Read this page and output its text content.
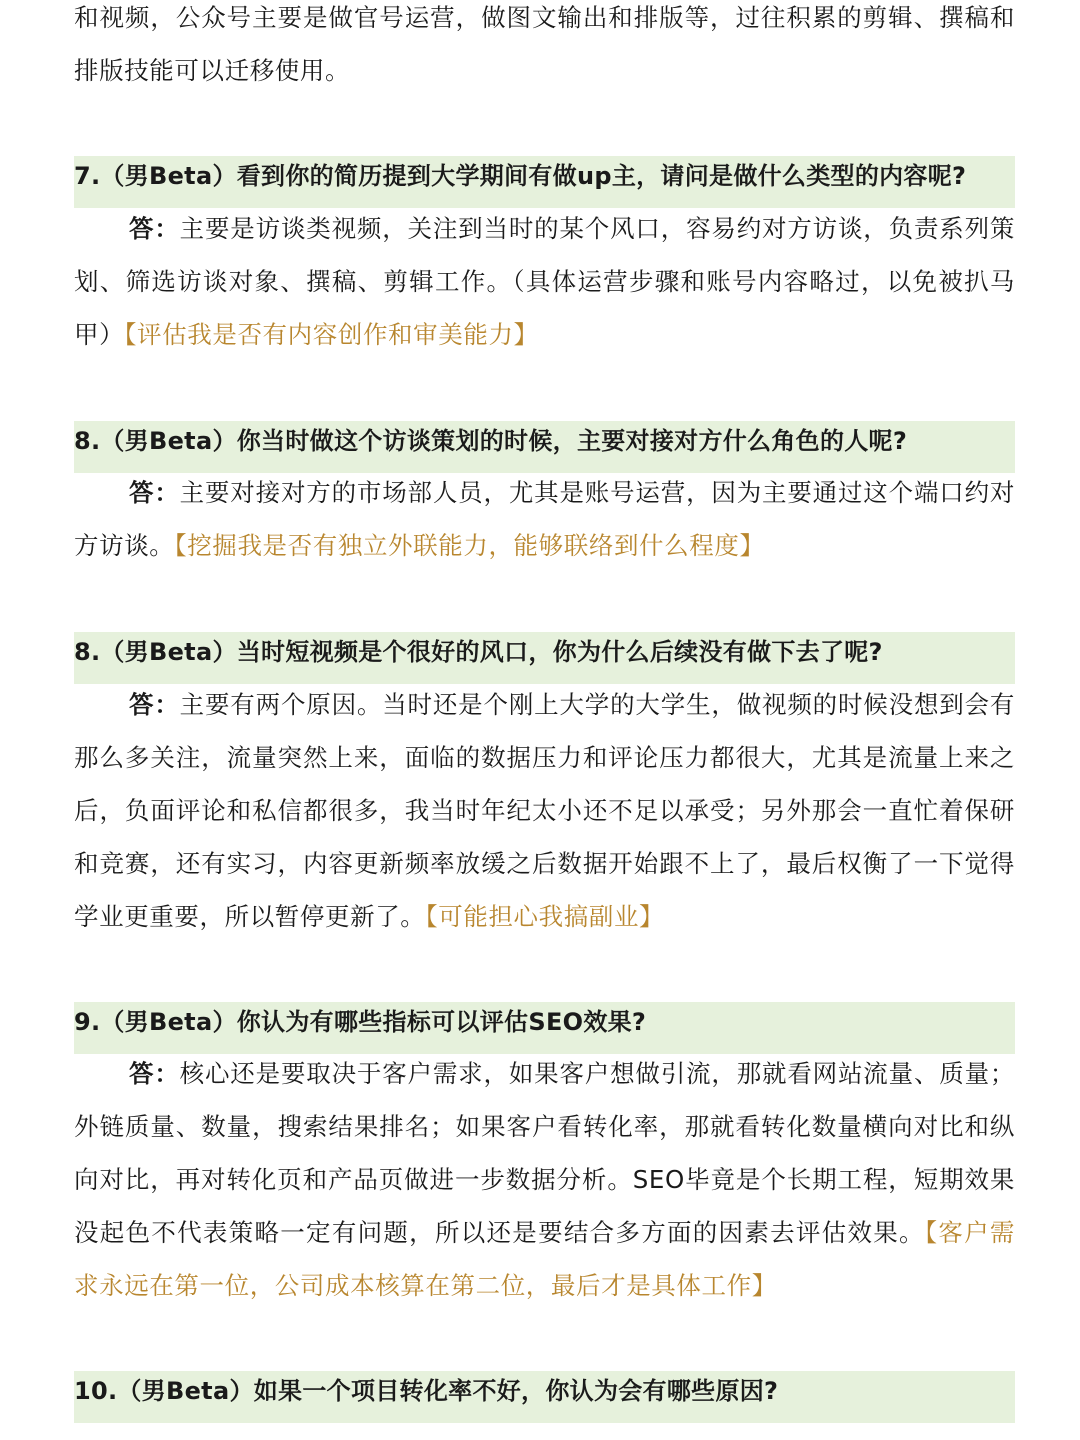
和视频，公众号主要是做官号运营，做图文输出和排版等，过往积累的剪辑、撰稿和排版技能可以迁移使用。

7.（男Beta）看到你的简历提到大学期间有做up主，请问是做什么类型的内容呢?

答：主要是访谈类视频，关注到当时的某个风口，容易约对方访谈，负责系列策划、筛选访谈对象、撰稿、剪辑工作。（具体运营步骤和账号内容略过，以免被扒马甲）【评估我是否有内容创作和审美能力】

8.（男Beta）你当时做这个访谈策划的时候，主要对接对方什么角色的人呢?

答：主要对接对方的市场部人员，尤其是账号运营，因为主要通过这个端口约对方访谈。【挖掘我是否有独立外联能力，能够联络到什么程度】

8.（男Beta）当时短视频是个很好的风口，你为什么后续没有做下去了呢?

答：主要有两个原因。当时还是个刚上大学的大学生，做视频的时候没想到会有那么多关注，流量突然上来，面临的数据压力和评论压力都很大，尤其是流量上来之后，负面评论和私信都很多，我当时年纪太小还不足以承受；另外那会一直忙着保研和竞赛，还有实习，内容更新频率放缓之后数据开始跟不上了，最后权衡了一下觉得学业更重要，所以暂停更新了。【可能担心我搞副业】

9.（男Beta）你认为有哪些指标可以评估SEO效果?

答：核心还是要取决于客户需求，如果客户想做引流，那就看网站流量、质量；外链质量、数量，搜索结果排名；如果客户看转化率，那就看转化数量横向对比和纵向对比，再对转化页和产品页做进一步数据分析。SEO毕竟是个长期工程，短期效果没起色不代表策略一定有问题，所以还是要结合多方面的因素去评估效果。【客户需求永远在第一位，公司成本核算在第二位，最后才是具体工作】

10.（男Beta）如果一个项目转化率不好，你认为会有哪些原因?
